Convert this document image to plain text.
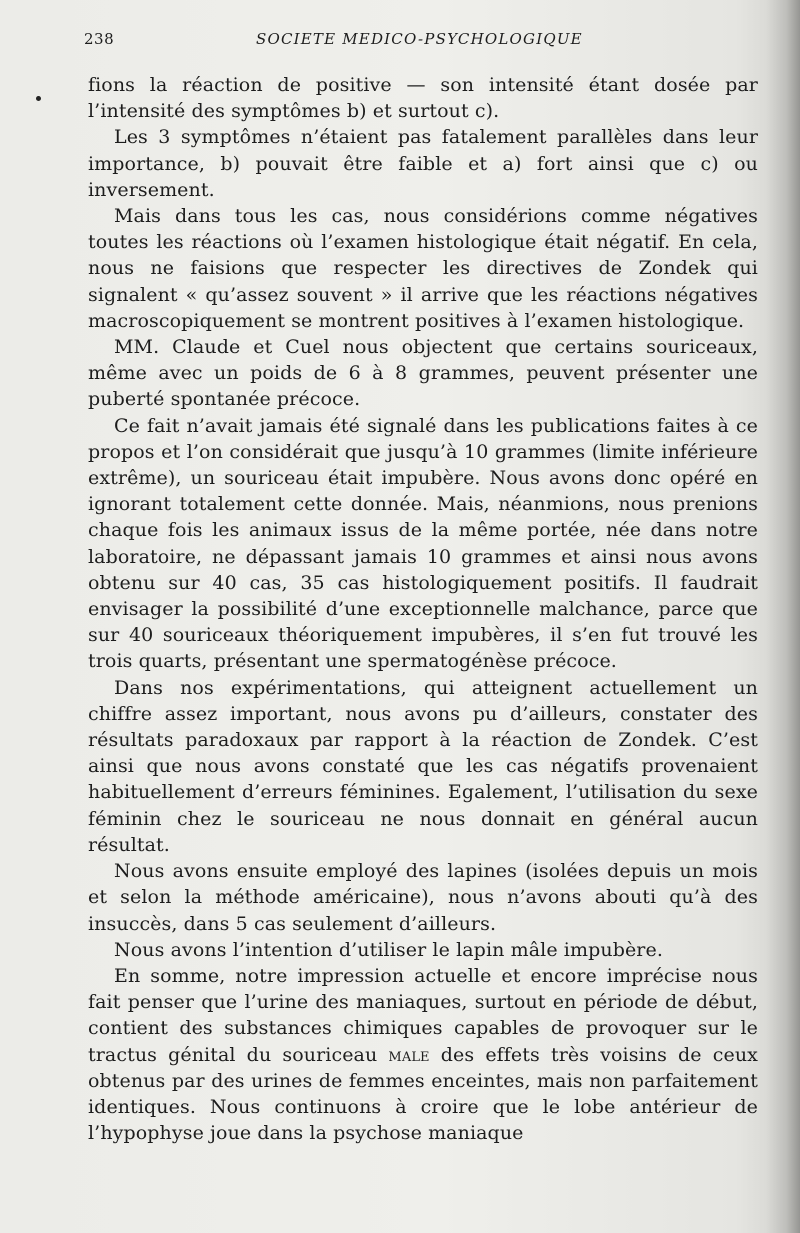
238	SOCIETE MEDICO-PSYCHOLOGIQUE

fions la réaction de positive — son intensité étant dosée par l’intensité des symptômes b) et surtout c).

Les 3 symptômes n’étaient pas fatalement parallèles dans leur importance, b) pouvait être faible et a) fort ainsi que c) ou inversement.

Mais dans tous les cas, nous considérions comme négatives toutes les réactions où l’examen histologique était négatif. En cela, nous ne faisions que respecter les directives de Zondek qui signalent « qu’assez souvent » il arrive que les réactions négatives macroscopiquement se montrent positives à l’examen histologique.

MM. Claude et Cuel nous objectent que certains souriceaux, même avec un poids de 6 à 8 grammes, peuvent présenter une puberté spontanée précoce.

Ce fait n’avait jamais été signalé dans les publications faites à ce propos et l’on considérait que jusqu’à 10 grammes (limite inférieure extrême), un souriceau était impubère. Nous avons donc opéré en ignorant totalement cette donnée. Mais, néanmions, nous prenions chaque fois les animaux issus de la même portée, née dans notre laboratoire, ne dépassant jamais 10 grammes et ainsi nous avons obtenu sur 40 cas, 35 cas histologiquement positifs. Il faudrait envisager la possibilité d’une exceptionnelle malchance, parce que sur 40 souriceaux théoriquement impubères, il s’en fut trouvé les trois quarts, présentant une spermatogénèse précoce.

Dans nos expérimentations, qui atteignent actuellement un chiffre assez important, nous avons pu d’ailleurs, constater des résultats paradoxaux par rapport à la réaction de Zondek. C’est ainsi que nous avons constaté que les cas négatifs provenaient habituellement d’erreurs féminines. Egalement, l’utilisation du sexe féminin chez le souriceau ne nous donnait en général aucun résultat.

Nous avons ensuite employé des lapines (isolées depuis un mois et selon la méthode américaine), nous n’avons abouti qu’à des insuccès, dans 5 cas seulement d’ailleurs.

Nous avons l’intention d’utiliser le lapin mâle impubère.

En somme, notre impression actuelle et encore imprécise nous fait penser que l’urine des maniaques, surtout en période de début, contient des substances chimiques capables de provoquer sur le tractus génital du souriceau male des effets très voisins de ceux obtenus par des urines de femmes enceintes, mais non parfaitement identiques. Nous continuons à croire que le lobe antérieur de l’hypophyse joue dans la psychose maniaque
